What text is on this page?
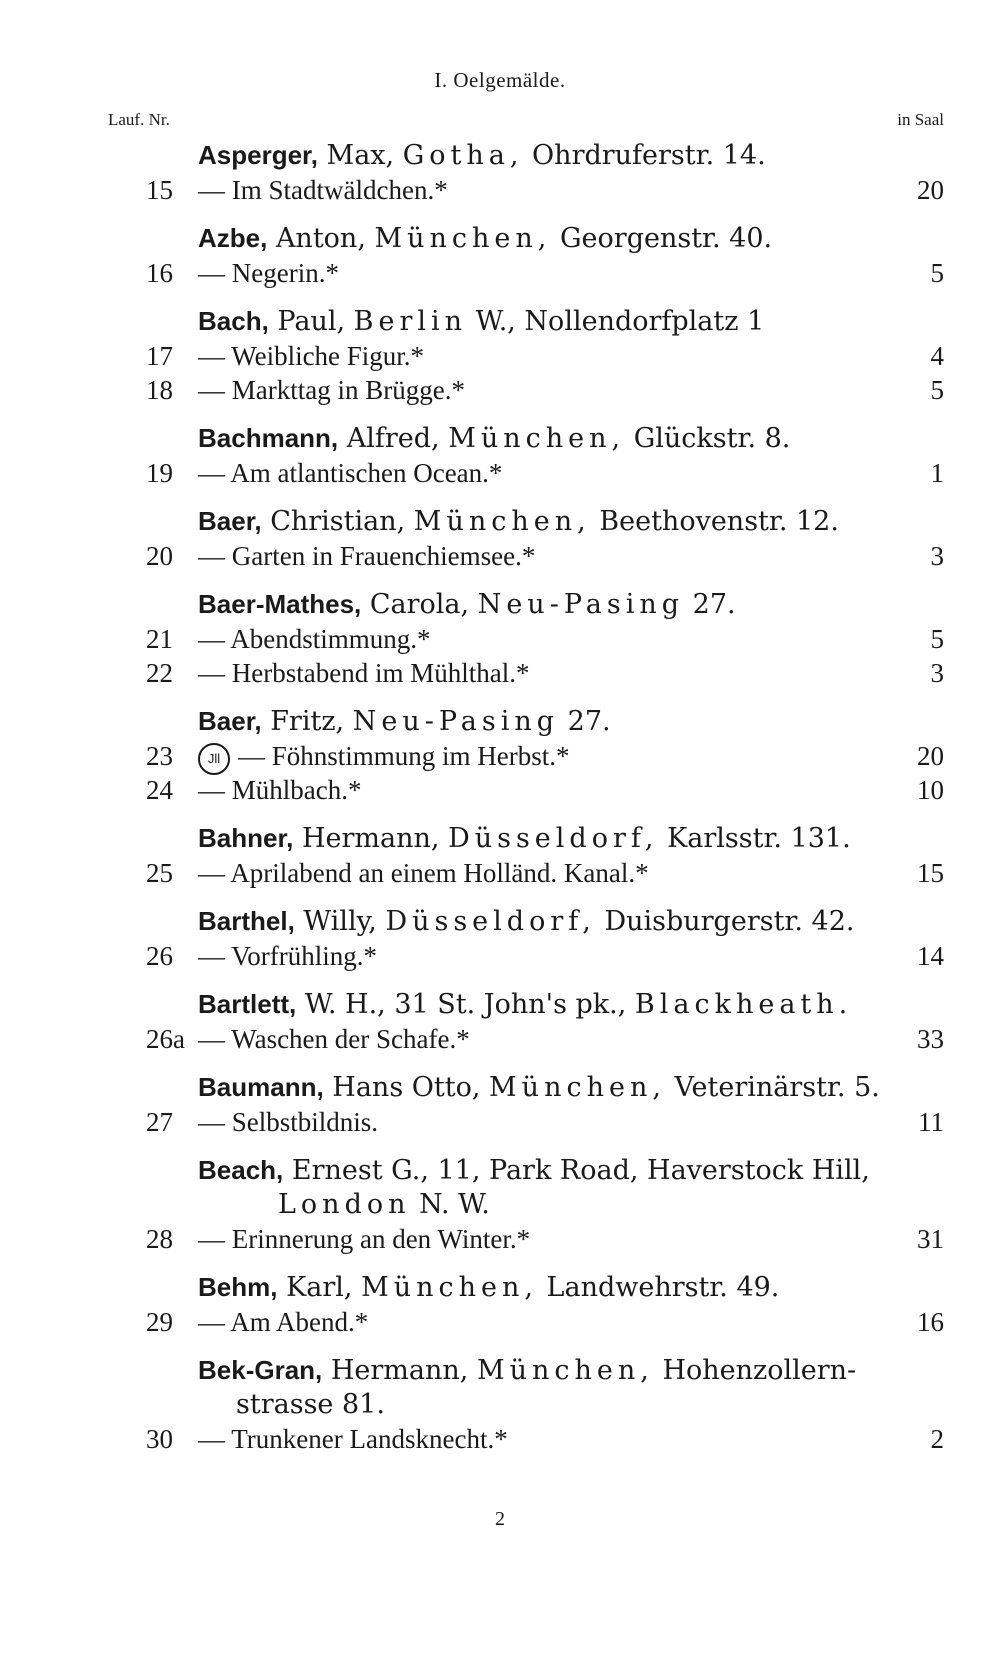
I. Oelgemälde.
Lauf. Nr.	in Saal
Asperger, Max, Gotha, Ohrdruferstr. 14.
15 — Im Stadtwäldchen.*	20
Azbe, Anton, München, Georgenstr. 40.
16 — Negerin.*	5
Bach, Paul, Berlin W., Nollendorfplatz 1
17 — Weibliche Figur.*	4
18 — Markttag in Brügge.*	5
Bachmann, Alfred, München, Glückstr. 8.
19 — Am atlantischen Ocean.*	1
Baer, Christian, München, Beethovenstr. 12.
20 — Garten in Frauenchiemsee.*	3
Baer-Mathes, Carola, Neu-Pasing 27.
21 — Abendstimmung.*	5
22 — Herbstabend im Mühlthal.*	3
Baer, Fritz, Neu-Pasing 27.
23	Jll — Föhnstimmung im Herbst.*	20
24 — Mühlbach.*	10
Bahner, Hermann, Düsseldorf, Karlsstr. 131.
25 — Aprilabend an einem Holländ. Kanal.*	15
Barthel, Willy, Düsseldorf, Duisburgerstr. 42.
26 — Vorfrühling.*	14
Bartlett, W. H., 31 St. John's pk., Blackheath.
26a — Waschen der Schafe.*	33
Baumann, Hans Otto, München, Veterinärstr. 5.
27 — Selbstbildnis.	11
Beach, Ernest G., 11, Park Road, Haverstock Hill,
London N. W.
28 — Erinnerung an den Winter.*	31
Behm, Karl, München, Landwehrstr. 49.
29 — Am Abend.*	16
Bek-Gran, Hermann, München, Hohenzollern-
strasse 81.
30 — Trunkener Landsknecht.*	2
2
